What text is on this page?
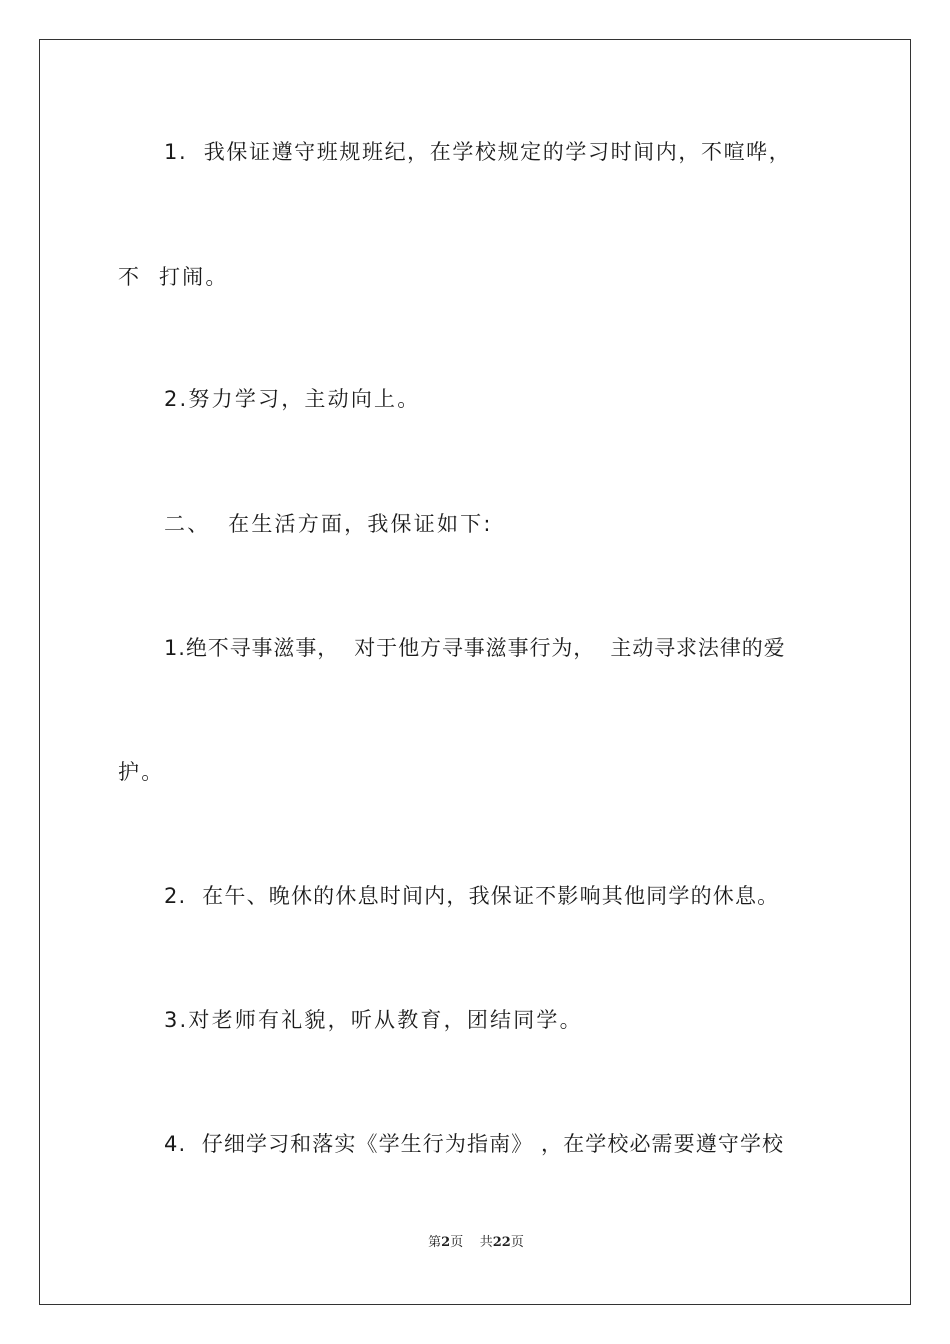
1.  我保证遵守班规班纪，在学校规定的学习时间内，不喧哗，
不  打闹。
2.努力学习，主动向上。
二、  在生活方面，我保证如下:
1.绝不寻事滋事，  对于他方寻事滋事行为，  主动寻求法律的爱
护。
2.  在午、晚休的休息时间内，我保证不影响其他同学的休息。
3.对老师有礼貌，听从教育，团结同学。
4.  仔细学习和落实《学生行为指南》 ，在学校必需要遵守学校
第2页 共22页
